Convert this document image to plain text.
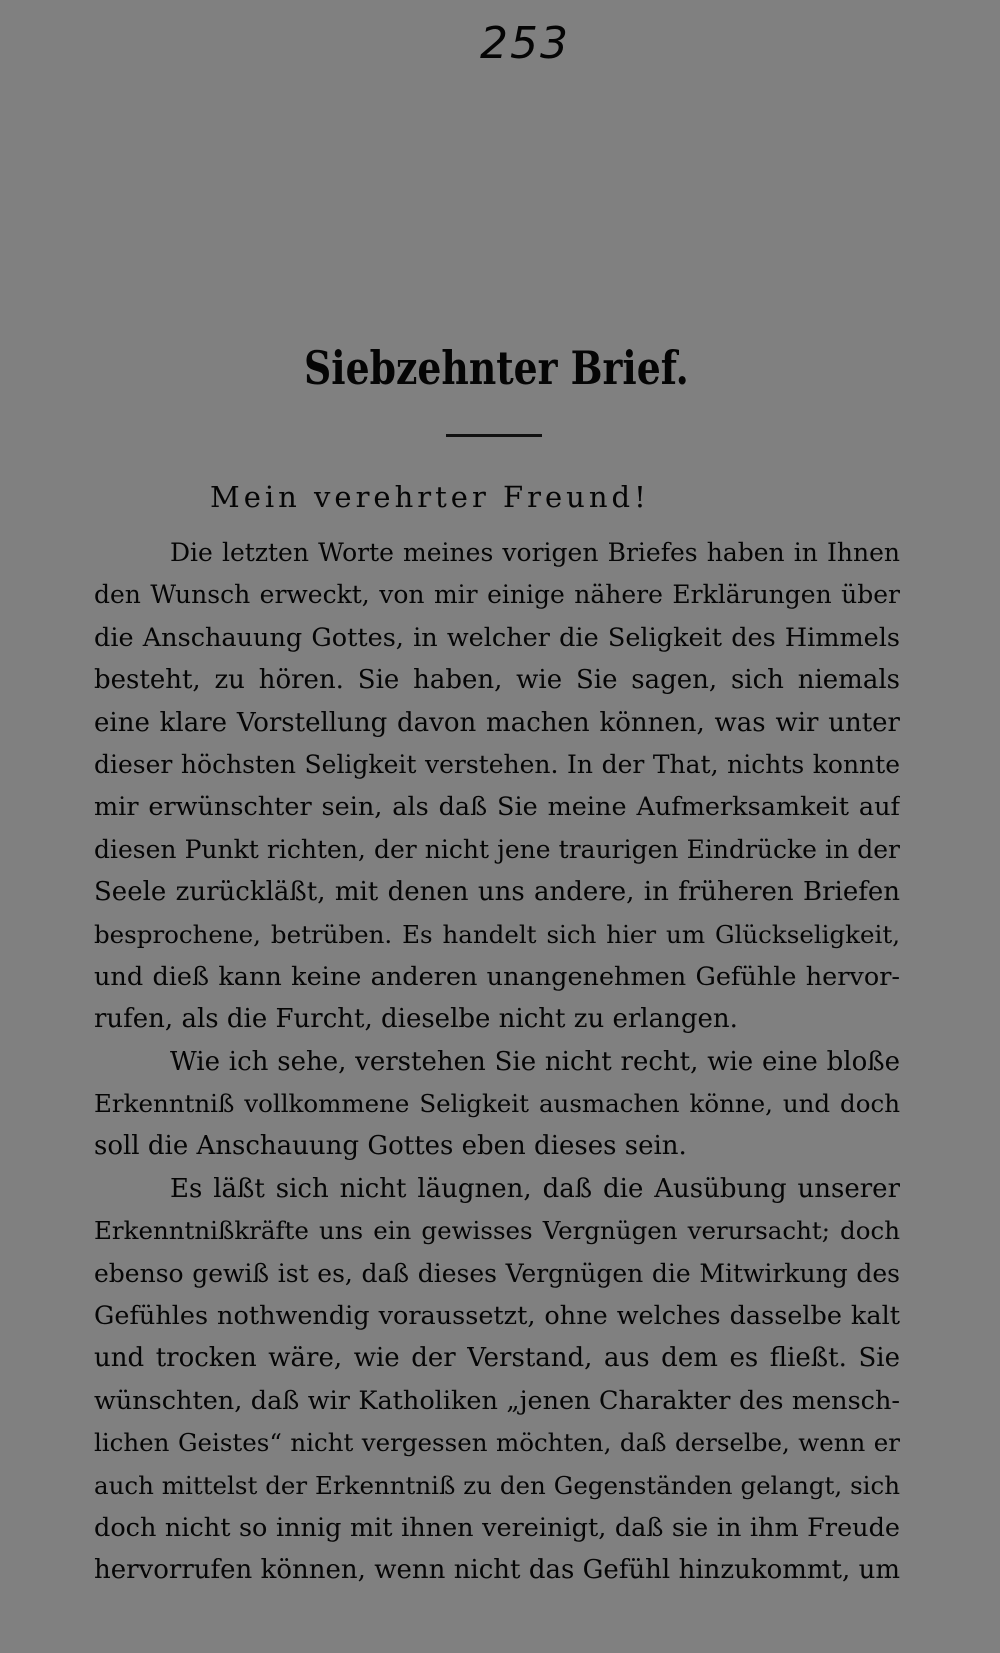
253
Siebzehnter Brief.
Mein verehrter Freund!
Die letzten Worte meines vorigen Briefes haben in Ihnen
den Wunsch erweckt, von mir einige nähere Erklärungen über
die Anschauung Gottes, in welcher die Seligkeit des Himmels
besteht, zu hören. Sie haben, wie Sie sagen, sich niemals
eine klare Vorstellung davon machen können, was wir unter
dieser höchsten Seligkeit verstehen. In der That, nichts konnte
mir erwünschter sein, als daß Sie meine Aufmerksamkeit auf
diesen Punkt richten, der nicht jene traurigen Eindrücke in der
Seele zurückläßt, mit denen uns andere, in früheren Briefen
besprochene, betrüben. Es handelt sich hier um Glückseligkeit,
und dieß kann keine anderen unangenehmen Gefühle hervor-
rufen, als die Furcht, dieselbe nicht zu erlangen.
Wie ich sehe, verstehen Sie nicht recht, wie eine bloße
Erkenntniß vollkommene Seligkeit ausmachen könne, und doch
soll die Anschauung Gottes eben dieses sein.
Es läßt sich nicht läugnen, daß die Ausübung unserer
Erkenntnißkräfte uns ein gewisses Vergnügen verursacht; doch
ebenso gewiß ist es, daß dieses Vergnügen die Mitwirkung des
Gefühles nothwendig voraussetzt, ohne welches dasselbe kalt
und trocken wäre, wie der Verstand, aus dem es fließt. Sie
wünschten, daß wir Katholiken „jenen Charakter des mensch-
lichen Geistes“ nicht vergessen möchten, daß derselbe, wenn er
auch mittelst der Erkenntniß zu den Gegenständen gelangt, sich
doch nicht so innig mit ihnen vereinigt, daß sie in ihm Freude
hervorrufen können, wenn nicht das Gefühl hinzukommt, um
